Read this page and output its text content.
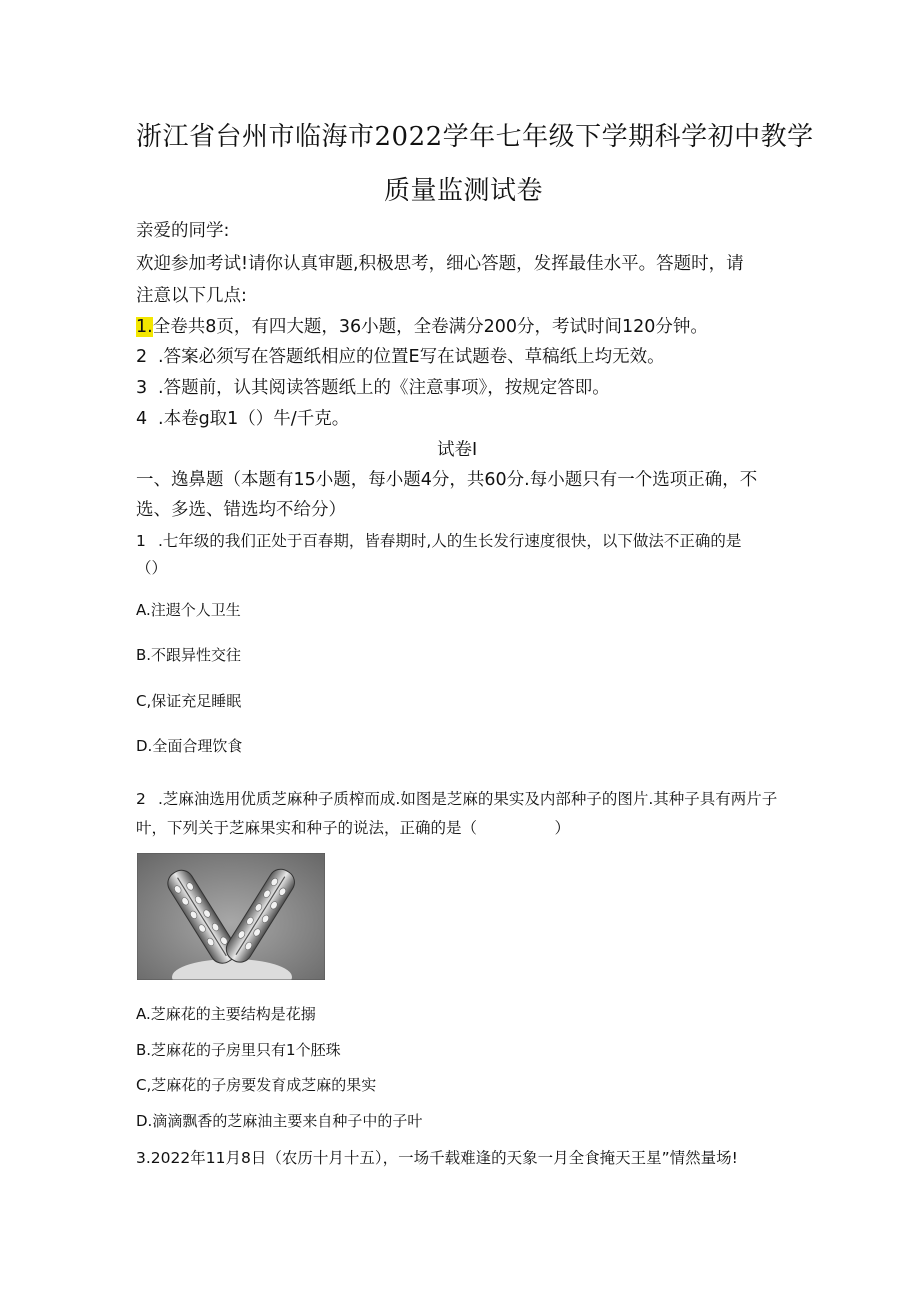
浙江省台州市临海市2022学年七年级下学期科学初中教学
质量监测试卷
亲爱的同学:
欢迎参加考试!请你认真审题,积极思考，细心答题，发挥最佳水平。答题时，请
注意以下几点:
1.全卷共8页，有四大题，36小题，全卷满分200分，考试时间120分钟。
2 .答案必须写在答题纸相应的位置E写在试题卷、草稿纸上均无效。
3 .答题前，认其阅读答题纸上的《注意事项》，按规定答即。
4 .本卷g取1（）牛/千克。
试卷I
一、逸鼻题（本题有15小题，每小题4分，共60分.每小题只有一个选项正确，不
选、多选、错选均不给分）
1 .七年级的我们正处于百春期，皆春期时,人的生长发行速度很快，以下做法不正确的是
（）
A.注遐个人卫生
B.不跟异性交往
C,保证充足睡眠
D.全面合理饮食
2 .芝麻油选用优质芝麻种子质榨而成.如图是芝麻的果实及内部种子的图片.其种子具有两片子
叶，下列关于芝麻果实和种子的说法，正确的是（　　　　　）
A.芝麻花的主要结构是花搦
B.芝麻花的子房里只有1个胚珠
C,芝麻花的子房要发育成芝麻的果实
D.滴滴飘香的芝麻油主要来自种子中的子叶
3.2022年11月8日（农历十月十五），一场千载难逢的天象一月全食掩天王星”情然量场!
